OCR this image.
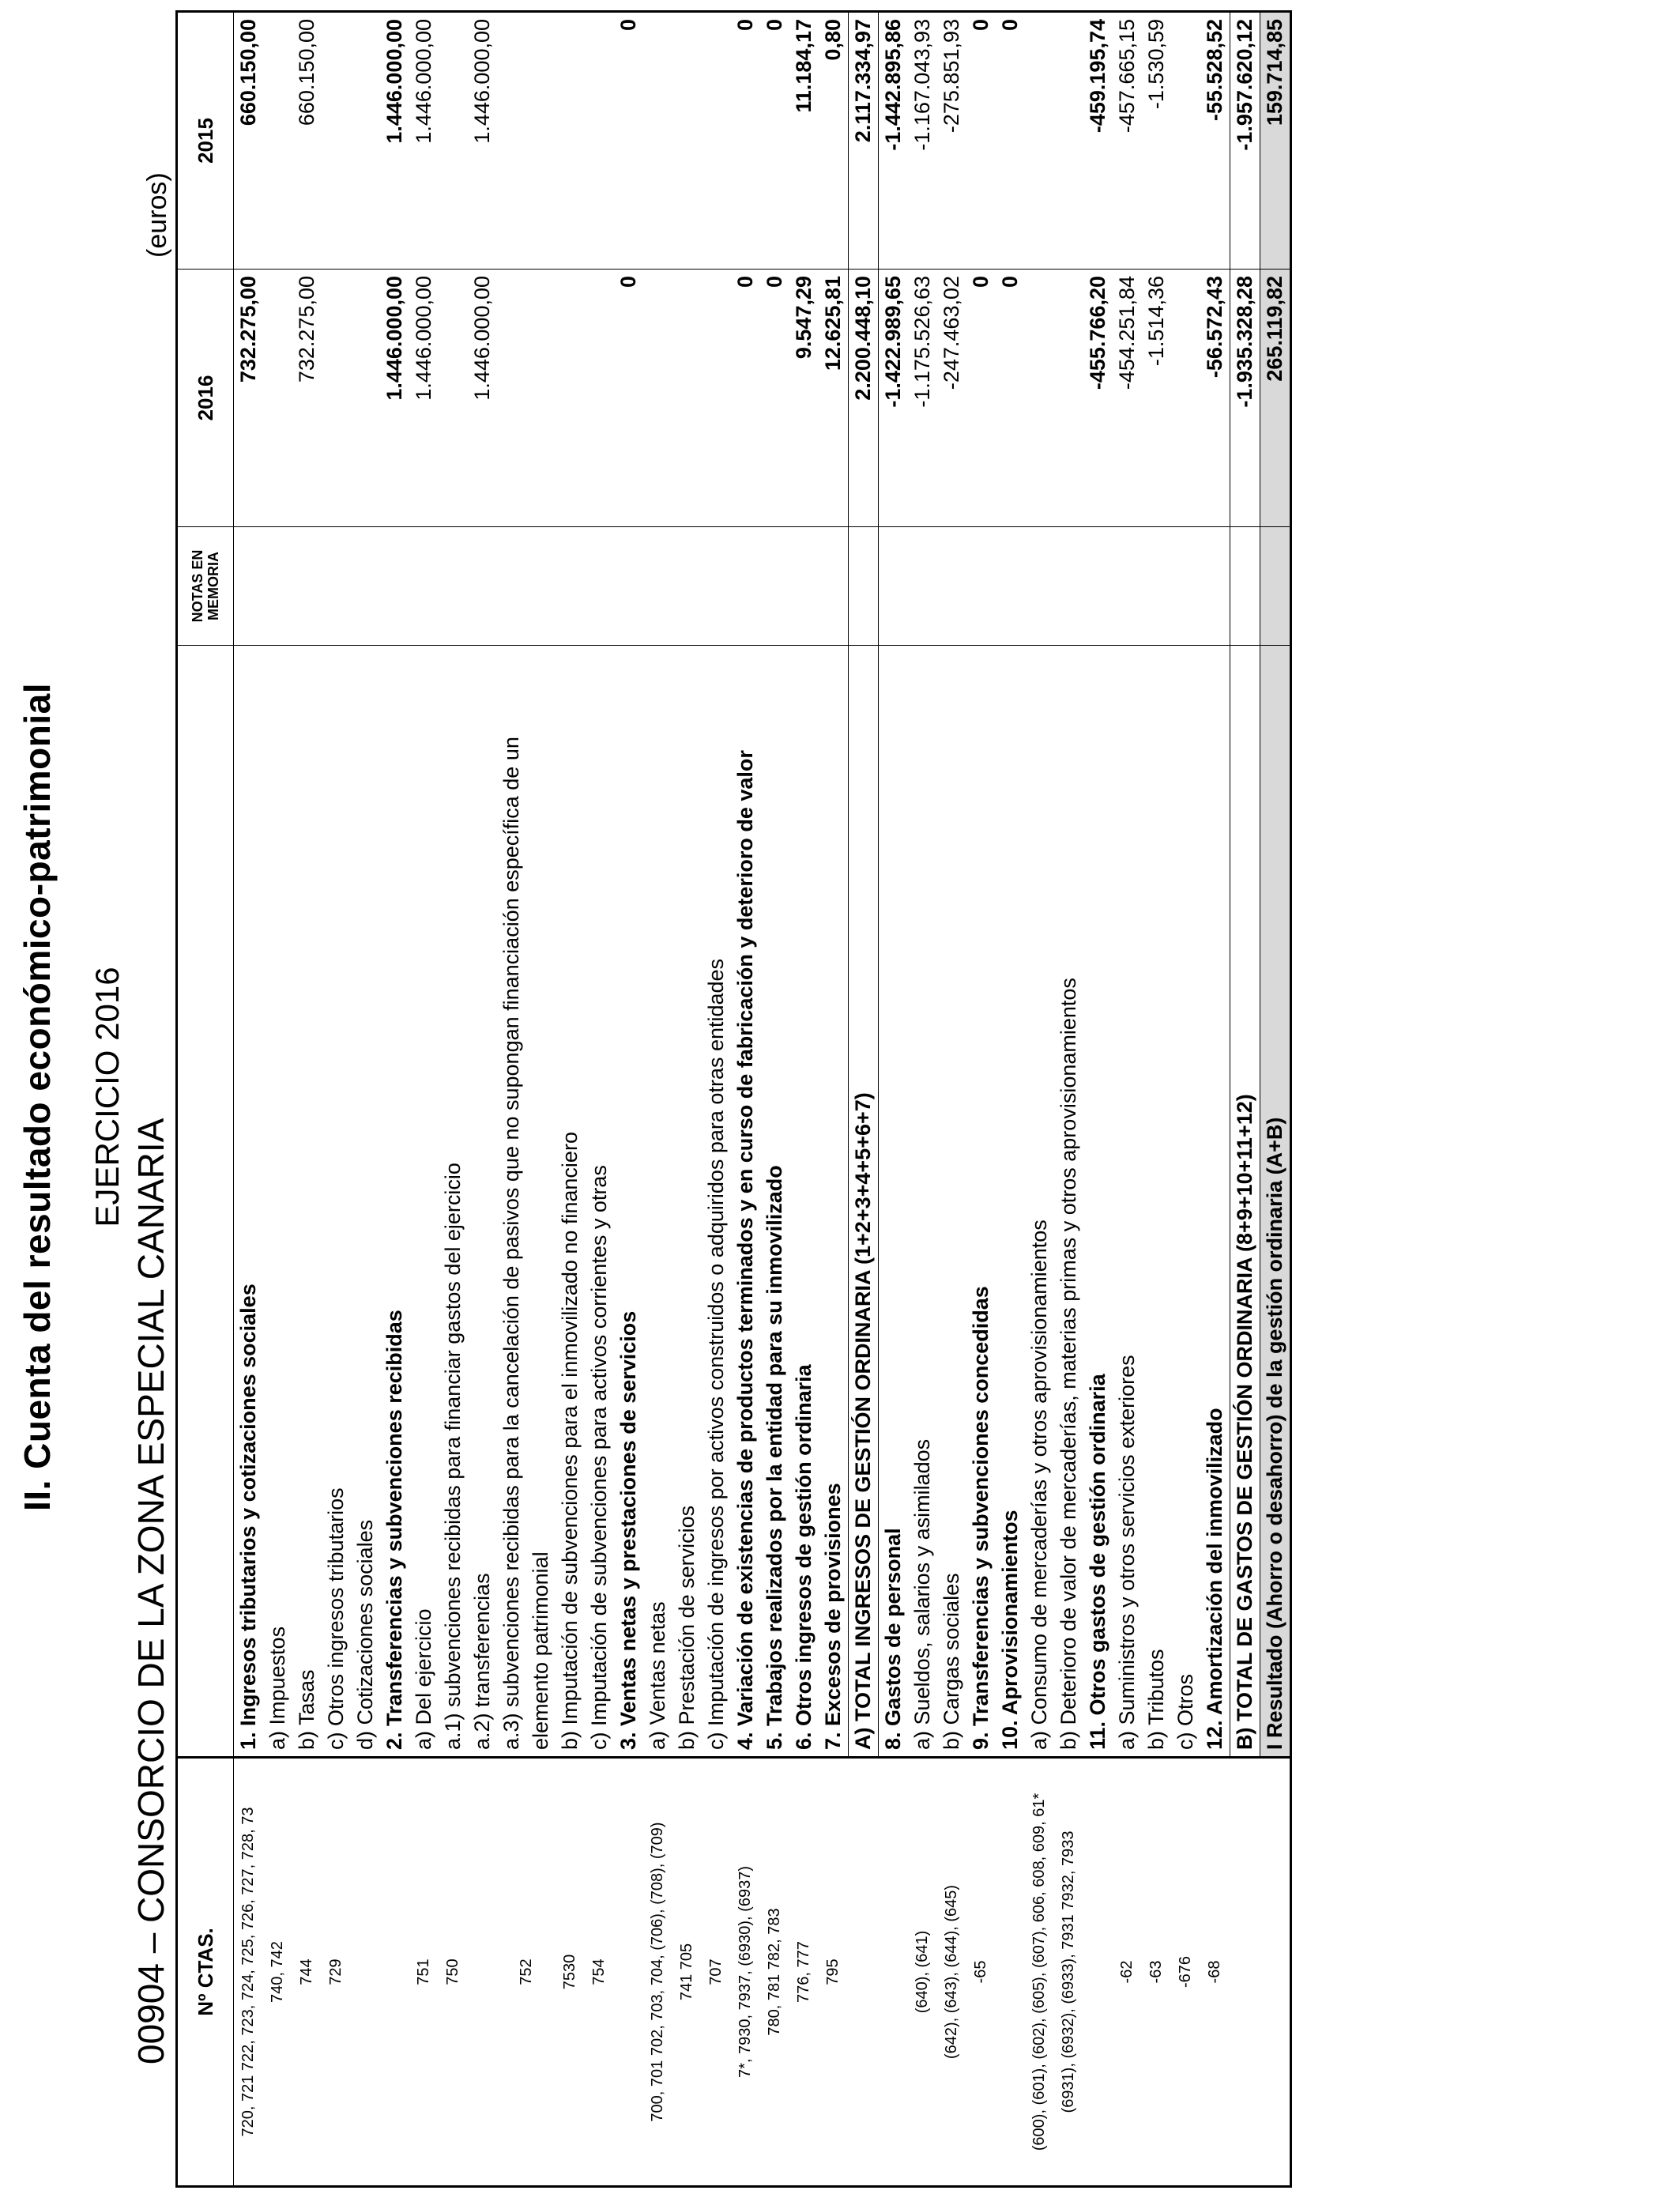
II. Cuenta del resultado económico-patrimonial EJERCICIO 2016
00904 – CONSORCIO DE LA ZONA ESPECIAL CANARIA
(euros)
Nº CTAS.		NOTAS EN MEMORIA	2016	2015
720, 721 722, 723, 724, 725, 726, 727, 728, 73	1. Ingresos tributarios y cotizaciones sociales		732.275,00	660.150,00
740, 742	a) Impuestos			
744	b) Tasas		732.275,00	660.150,00
729	c) Otros ingresos tributarios			
	d) Cotizaciones sociales			
	2. Transferencias y subvenciones recibidas		1.446.000,00	1.446.000,00
751	a) Del ejercicio		1.446.000,00	1.446.000,00
750	a.1) subvenciones recibidas para financiar gastos del ejercicio			
	a.2) transferencias		1.446.000,00	1.446.000,00
752	a.3) subvenciones recibidas para la cancelación de pasivos que no supongan financiación específica de un elemento patrimonial			
7530	b) Imputación de subvenciones para el inmovilizado no financiero			
754	c) Imputación de subvenciones para activos corrientes y otras			
	3. Ventas netas y prestaciones de servicios		0	0
700, 701 702, 703, 704, (706), (708), (709)	a) Ventas netas			
741 705	b) Prestación de servicios			
707	c) Imputación de ingresos por activos construidos o adquiridos para otras entidades			
7*, 7930, 7937, (6930), (6937)	4. Variación de existencias de productos terminados y en curso de fabricación y deterioro de valor		0	0
780, 781 782, 783	5. Trabajos realizados por la entidad para su inmovilizado		0	0
776, 777	6. Otros ingresos de gestión ordinaria		9.547,29	11.184,17
795	7. Excesos de provisiones		12.625,81	0,80
	A) TOTAL INGRESOS DE GESTIÓN ORDINARIA (1+2+3+4+5+6+7)		2.200.448,10	2.117.334,97
	8. Gastos de personal		-1.422.989,65	-1.442.895,86
(640), (641)	a) Sueldos, salarios y asimilados		-1.175.526,63	-1.167.043,93
(642), (643), (644), (645)	b) Cargas sociales		-247.463,02	-275.851,93
-65	9. Transferencias y subvenciones concedidas		0	0
	10. Aprovisionamientos		0	0
(600), (601), (602), (605), (607), 606, 608, 609, 61*	a) Consumo de mercaderías y otros aprovisionamientos			
(6931), (6932), (6933), 7931 7932, 7933	b) Deterioro de valor de mercaderías, materias primas y otros aprovisionamientos			
	11. Otros gastos de gestión ordinaria		-455.766,20	-459.195,74
-62	a) Suministros y otros servicios exteriores		-454.251,84	-457.665,15
-63	b) Tributos		-1.514,36	-1.530,59
-676	c) Otros			
-68	12. Amortización del inmovilizado		-56.572,43	-55.528,52
	B) TOTAL DE GASTOS DE GESTIÓN ORDINARIA (8+9+10+11+12)		-1.935.328,28	-1.957.620,12
	I Resultado (Ahorro o desahorro) de la gestión ordinaria (A+B)		265.119,82	159.714,85
